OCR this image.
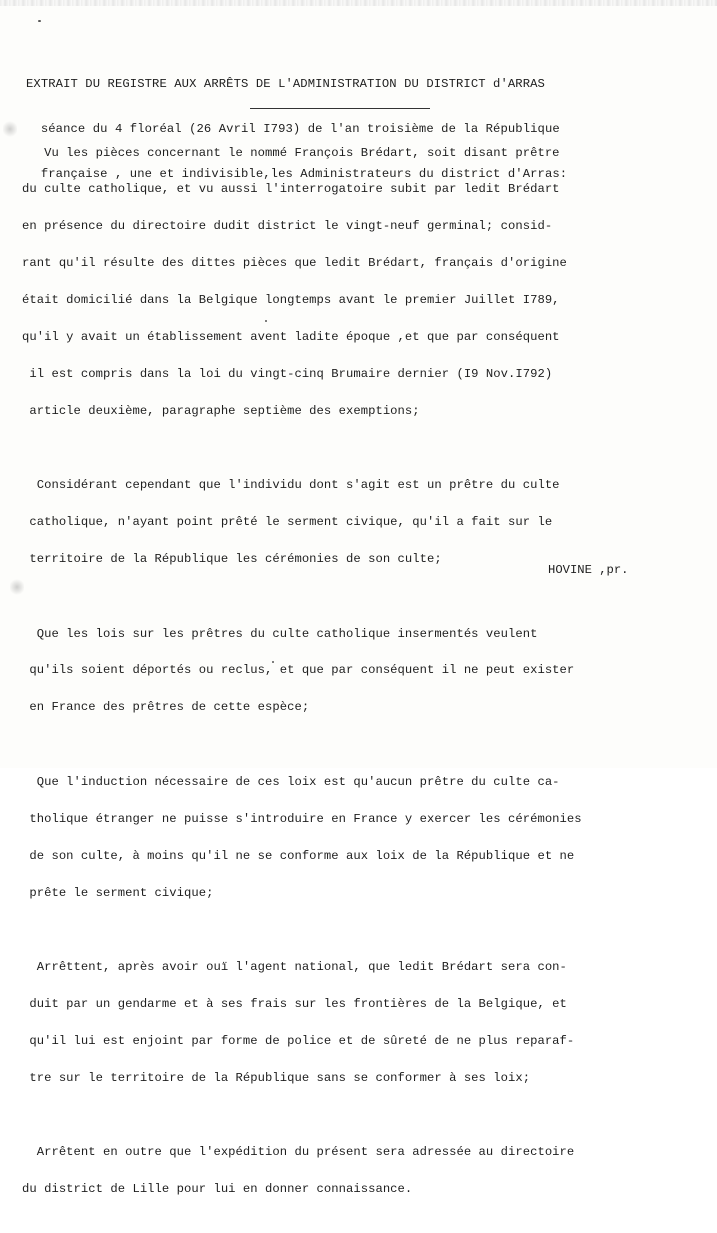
EXTRAIT DU REGISTRE AUX ARRÊTS DE L'ADMINISTRATION DU DISTRICT d'ARRAS

séance du 4 floréal (26 Avril I793) de l'an troisième de la République

française , une et indivisible,les Administrateurs du district d'Arras:

Vu les pièces concernant le nommé François Brédart, soit disant prêtre

du culte catholique, et vu aussi l'interrogatoire subit par ledit Brédart

en présence du directoire dudit district le vingt-neuf germinal; consid-

rant qu'il résulte des dittes pièces que ledit Brédart, français d'origine

était domicilié dans la Belgique longtemps avant le premier Juillet I789,

qu'il y avait un établissement avent ladite époque ,et que par conséquent

il est compris dans la loi du vingt-cinq Brumaire dernier (I9 Nov.I792)

article deuxième, paragraphe septième des exemptions;

Considérant cependant que l'individu dont s'agit est un prêtre du culte

catholique, n'ayant point prêté le serment civique, qu'il a fait sur le

territoire de la République les cérémonies de son culte;

Que les lois sur les prêtres du culte catholique insermentés veulent

qu'ils soient déportés ou reclus, et que par conséquent il ne peut exister

en France des prêtres de cette espèce;

Que l'induction nécessaire de ces loix est qu'aucun prêtre du culte ca-

tholique étranger ne puisse s'introduire en France y exercer les cérémonies

de son culte, à moins qu'il ne se conforme aux loix de la République et ne

prête le serment civique;

Arrêttent, après avoir ouï l'agent national, que ledit Brédart sera con-

duit par un gendarme et à ses frais sur les frontières de la Belgique, et

qu'il lui est enjoint par forme de police et de sûreté de ne plus reparaf-

tre sur le territoire de la République sans se conformer à ses loix;

Arrêtent en outre que l'expédition du présent sera adressée au directoire

du district de Lille pour lui en donner connaissance.

HOVINE ,pr.
